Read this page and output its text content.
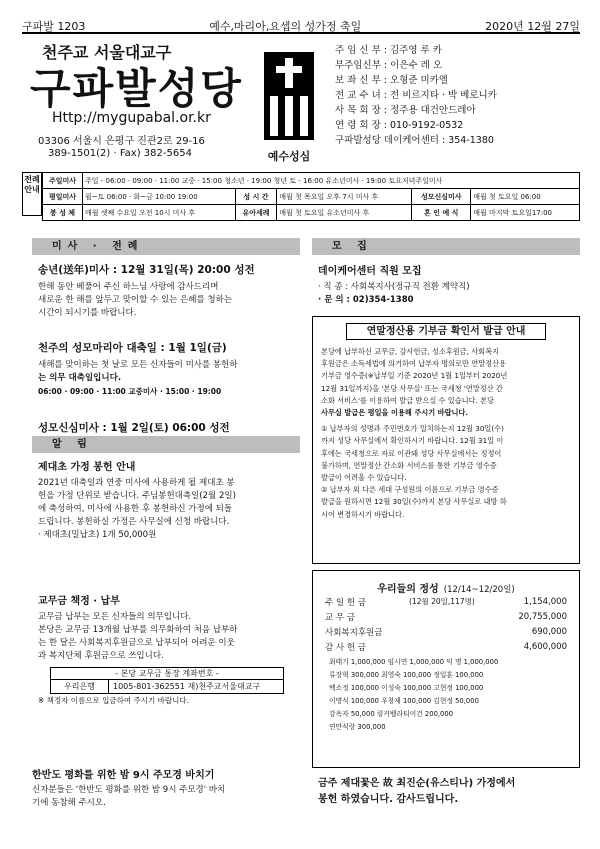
구파발 1203	예수,마리아,요셉의 성가정 축일	2020년 12월 27일
천주교 서울대교구
구파발성당
Http://mygupabal.or.kr
03306 서울시 은평구 진관2로 29-16
389-1501(2) · Fax) 382-5654	예수성심
주 임 신 부 : 김주영 루 카
부주임신부 : 이은수 레 오
보 좌 신 부 : 오형준 미카엘
전 교 수 녀 : 전 비르지타 · 박 베로니카
사 목 회 장 : 정주용 대건안드레아
연 령 회 장 : 010-9192-0532
구파발성당 데이케어센터 : 354-1380
전례안내
주일미사	주일 - 06:00 · 09:00 · 11:00 교중 · 15:00 청소년 · 19:00 청년 토 - 16:00 유소년미사 · 19:00 토요저녁주일미사				
평일미사	월~토 06:00 · 화~금 10:00 19:00	성 시 간	매월 첫 목요일 오후 7시 미사 후	성모신심미사	매월 첫 토요일 06:00
봉 성 체	매월 셋째 수요일 오전 10시 미사 후	유아세례	매월 첫 토요일 유소년미사 후	혼 인 예 식	매월 마지막 토요일17:00
미사 · 전례
송년(送年)미사 : 12월 31일(목) 20:00 성전
한해 동안 베풀어 주신 하느님 사랑에 감사드리며
새로운 한 해를 앞두고 맞이할 수 있는 은혜를 청하는
시간이 되시기를 바랍니다.
천주의 성모마리아 대축일 : 1월 1일(금)
새해를 맞이하는 첫 날로 모든 신자들이 미사를 봉헌하
는 의무 대축일입니다.
06:00 · 09:00 · 11:00 교중미사 · 15:00 · 19:00
성모신심미사 : 1월 2일(토) 06:00 성전
알 림
제대초 가정 봉헌 안내
2021년 대축일과 연중 미사에 사용하게 될 제대초 봉
헌을 가정 단위로 받습니다. 주님봉헌대축일(2월 2일)
에 축성하여, 미사에 사용한 후 봉헌하신 가정에 되돌
드립니다. 봉헌하실 가정은 사무실에 신청 바랍니다.
· 제대초(밀납초) 1개 50,000원
교무금 책정 · 납부
교무금 납부는 모든 신자들의 의무입니다.
본당은 교무금 13개월 납부를 의무화하여 처음 납부하
는 한 달은 사회복지후원금으로 납부되어 어려운 이웃
과 복지단체 후원금으로 쓰입니다.
- 본당 교무금 통장 계좌번호 -
우리은행	1005-801-362551 재)천주교서울대교구
※ 책정자 이름으로 입금하여 주시기 바랍니다.
한반도 평화를 위한 밤 9시 주모경 바치기
신자분들은 '한반도 평화를 위한 밤 9시 주모경' 바치
기에 동참해 주시오.
모 집
데이케어센터 직원 모집
· 직 종 : 사회복지사(정규직 전환 계약직)
· 문 의 : 02)354-1380
연말정산용 기부금 확인서 발급 안내
본당에 납부하신 교무금, 감사헌금, 성소후원금, 사회복지
후원금은 소득세법에 의거하여 납부자 명의로만 연말정산용
기부금 영수증(※납부일 기준 2020년 1월 1일부터 2020년
12월 31일까지)을 '본당 사무실' 또는 국세청 '연말정산 간
소화 서비스'를 이용하여 발급 받으실 수 있습니다. 본당
사무실 발급은 평일을 이용해 주시기 바랍니다.
① 납부자의 성명과 주민번호가 일치하는지 12월 30일(수)
까지 성당 사무실에서 확인하시기 바랍니다. 12월 31일 이
후에는 국세청으로 자료 이관돼 성당 사무실에서는 정정이
불가하며, 연말정산 간소화 서비스를 통한 기부금 영수증
발급이 어려울 수 있습니다.
② 납부자 외 다른 세대 구성원의 이름으로 기부금 영수증
발급을 원하시면 12월 30일(수)까지 본당 사무실로 내방 하
시어 변경하시기 바랍니다.
우리들의 정성 (12/14~12/20일)
주 일 헌 금	(12월 20일,117명)	1,154,000
교 무 금		20,755,000
사회복지후원금		690,000
감 사 헌 금		4,600,000
최태기 1,000,000 임시연 1,000,000 익 명 1,000,000
류장혁 300,000 최영숙 100,000 정일훈 100,000
백소정 100,000 이성숙 100,000 고현정 100,000
이명식 100,000 우창제 100,000 김현정 50,000
강옥자 50,000 링커벨라티이건 200,000
연만식랑 300,000
금주 제대꽃은 故 최진순(유스티나) 가정에서
봉헌 하였습니다. 감사드립니다.
